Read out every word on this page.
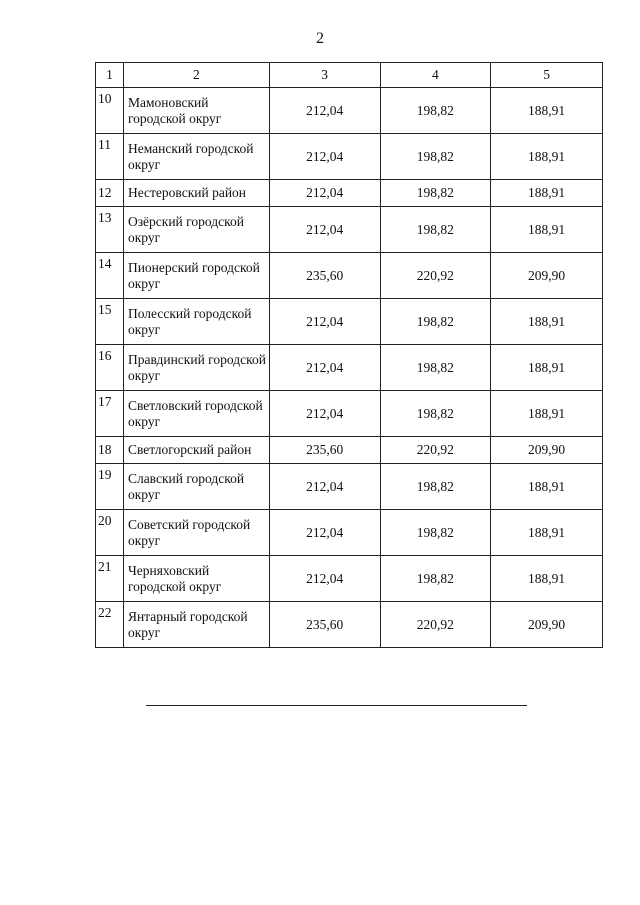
2
1	2	3	4	5
10	Мамоновский городской округ	212,04	198,82	188,91
11	Неманский городской округ	212,04	198,82	188,91
12	Нестеровский район	212,04	198,82	188,91
13	Озёрский городской округ	212,04	198,82	188,91
14	Пионерский городской округ	235,60	220,92	209,90
15	Полесский городской округ	212,04	198,82	188,91
16	Правдинский городской округ	212,04	198,82	188,91
17	Светловский городской округ	212,04	198,82	188,91
18	Светлогорский район	235,60	220,92	209,90
19	Славский городской округ	212,04	198,82	188,91
20	Советский городской округ	212,04	198,82	188,91
21	Черняховский городской округ	212,04	198,82	188,91
22	Янтарный городской округ	235,60	220,92	209,90
